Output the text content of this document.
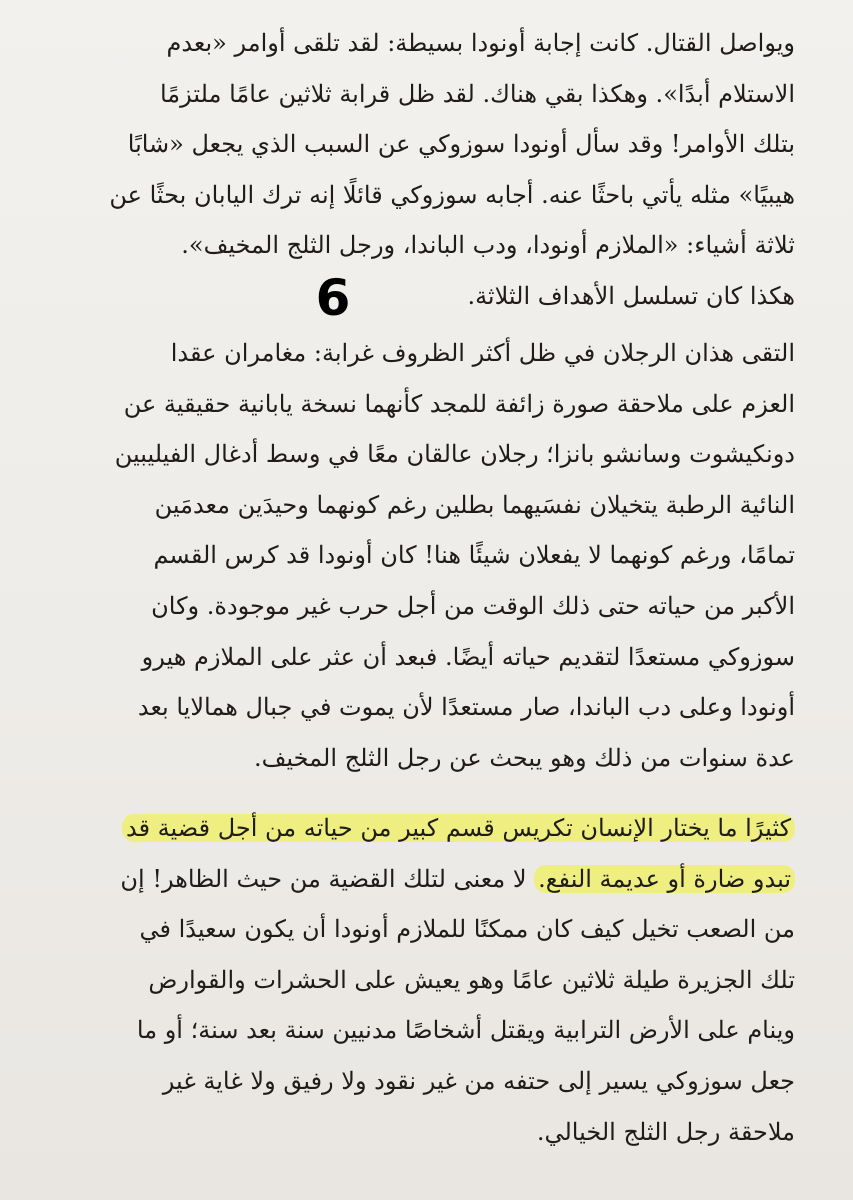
ويواصل القتال. كانت إجابة أونودا بسيطة: لقد تلقى أوامر «بعدم
الاستلام أبدًا». وهكذا بقي هناك. لقد ظل قرابة ثلاثين عامًا ملتزمًا
بتلك الأوامر! وقد سأل أونودا سوزوكي عن السبب الذي يجعل «شابًا
هيبيًا» مثله يأتي باحثًا عنه. أجابه سوزوكي قائلًا إنه ترك اليابان بحثًا عن
ثلاثة أشياء: «الملازم أونودا، ودب الباندا، ورجل الثلج المخيف».
هكذا كان تسلسل الأهداف الثلاثة.

6

التقى هذان الرجلان في ظل أكثر الظروف غرابة: مغامران عقدا
العزم على ملاحقة صورة زائفة للمجد كأنهما نسخة يابانية حقيقية عن
دونكيشوت وسانشو بانزا؛ رجلان عالقان معًا في وسط أدغال الفيليبين
النائية الرطبة يتخيلان نفسَيهما بطلين رغم كونهما وحيدَين معدمَين
تمامًا، ورغم كونهما لا يفعلان شيئًا هنا! كان أونودا قد كرس القسم
الأكبر من حياته حتى ذلك الوقت من أجل حرب غير موجودة. وكان
سوزوكي مستعدًا لتقديم حياته أيضًا. فبعد أن عثر على الملازم هيرو
أونودا وعلى دب الباندا، صار مستعدًا لأن يموت في جبال همالايا بعد
عدة سنوات من ذلك وهو يبحث عن رجل الثلج المخيف.

كثيرًا ما يختار الإنسان تكريس قسم كبير من حياته من أجل قضية قد
تبدو ضارة أو عديمة النفع. لا معنى لتلك القضية من حيث الظاهر! إن
من الصعب تخيل كيف كان ممكنًا للملازم أونودا أن يكون سعيدًا في
تلك الجزيرة طيلة ثلاثين عامًا وهو يعيش على الحشرات والقوارض
وينام على الأرض الترابية ويقتل أشخاصًا مدنيين سنة بعد سنة؛ أو ما
جعل سوزوكي يسير إلى حتفه من غير نقود ولا رفيق ولا غاية غير
ملاحقة رجل الثلج الخيالي.
